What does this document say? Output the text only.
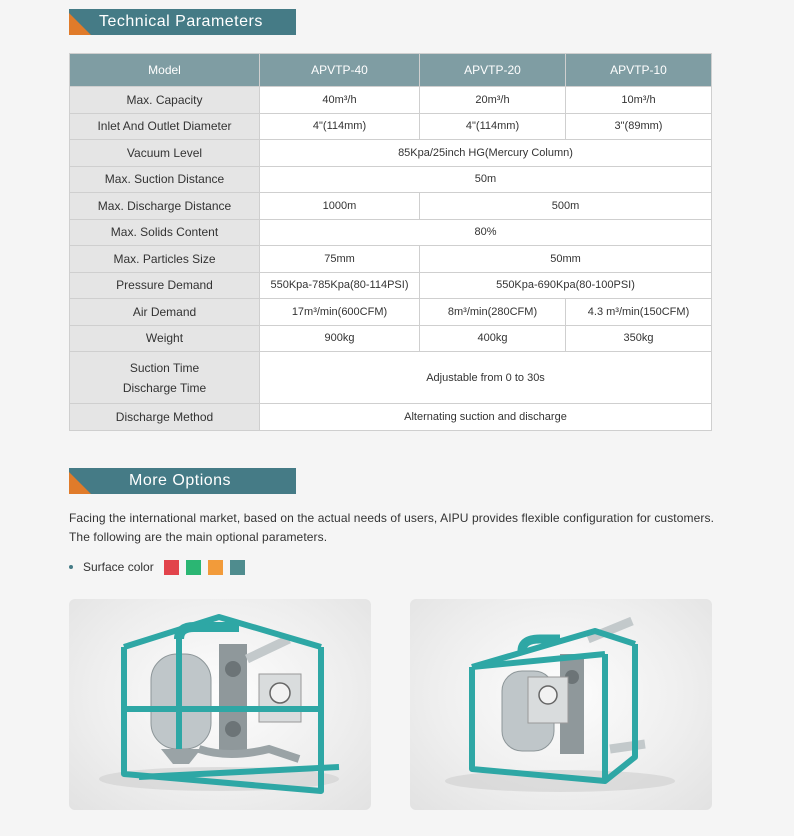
Technical Parameters
Model	APVTP-40	APVTP-20	APVTP-10
Max. Capacity	40m³/h	20m³/h	10m³/h
Inlet And Outlet Diameter	4"(114mm)	4"(114mm)	3"(89mm)
Vacuum Level	85Kpa/25inch HG(Mercury Column)		
Max. Suction Distance	50m		
Max. Discharge Distance	1000m	500m	
Max. Solids Content	80%		
Max. Particles Size	75mm	50mm	
Pressure Demand	550Kpa-785Kpa(80-114PSI)	550Kpa-690Kpa(80-100PSI)	
Air Demand	17m³/min(600CFM)	8m³/min(280CFM)	4.3 m³/min(150CFM)
Weight	900kg	400kg	350kg

Suction Time
Discharge Time	Adjustable from 0 to 30s		
Discharge Method	Alternating suction and discharge		
More Options

Facing the international market, based on the actual needs of users, AIPU provides flexible configuration for customers. The following are the main optional parameters.

Surface color
